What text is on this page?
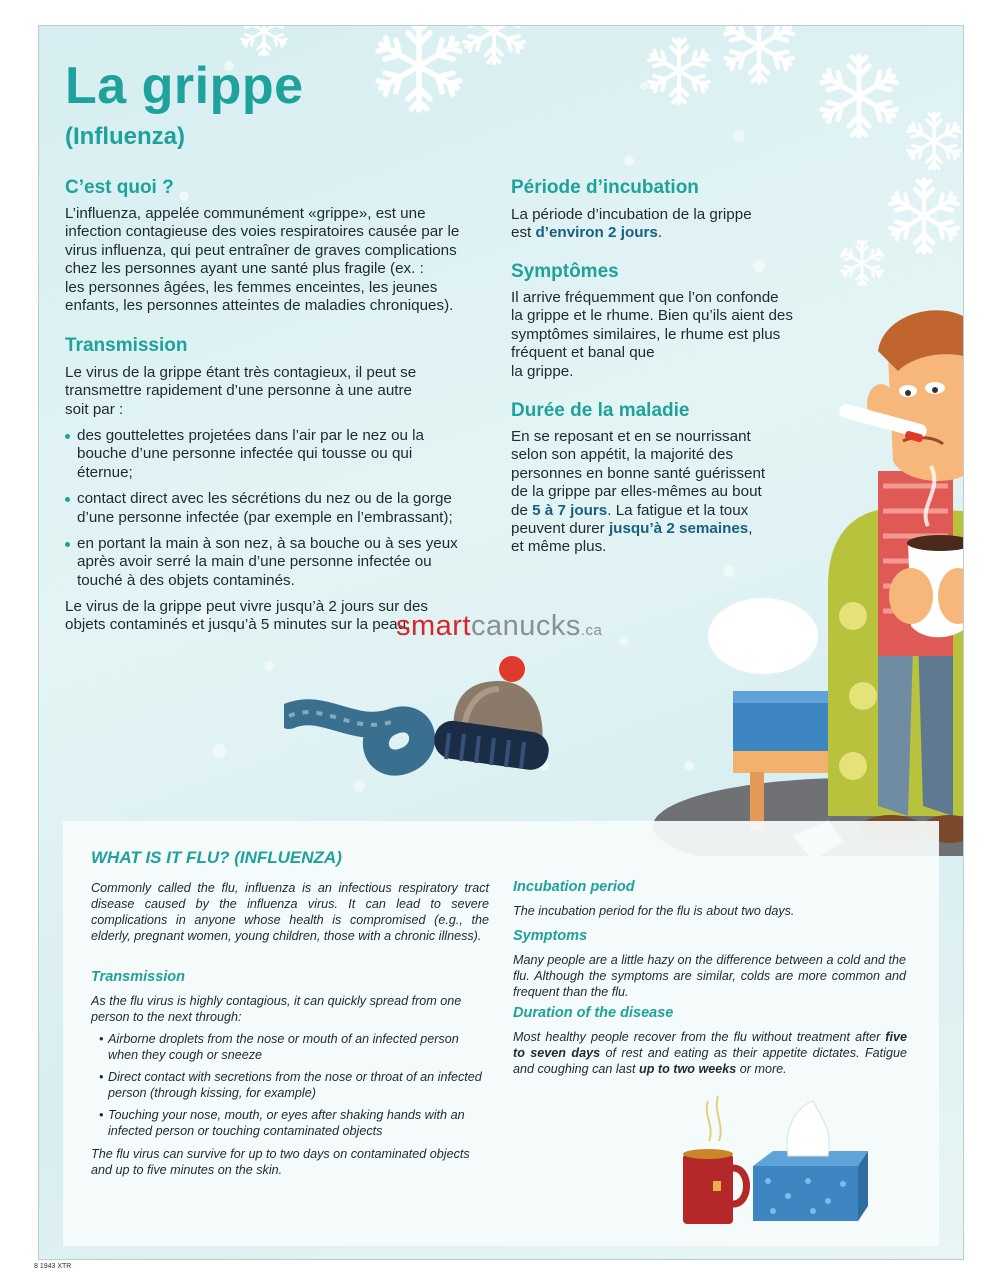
La grippe
(Influenza)
C’est quoi ?

L’influenza, appelée communément «grippe», est une
infection contagieuse des voies respiratoires causée par le
virus influenza, qui peut entraîner de graves complications
chez les personnes ayant une santé plus fragile (ex. :
les personnes âgées, les femmes enceintes, les jeunes
enfants, les personnes atteintes de maladies chroniques).

Transmission

Le virus de la grippe étant très contagieux, il peut se
transmettre rapidement d’une personne à une autre
soit par :

des gouttelettes projetées dans l’air par le nez ou la
bouche d’une personne infectée qui tousse ou qui
éternue;
contact direct avec les sécrétions du nez ou de la gorge
d’une personne infectée (par exemple en l’embrassant);
en portant la main à son nez, à sa bouche ou à ses yeux
après avoir serré la main d’une personne infectée ou
touché à des objets contaminés.

Le virus de la grippe peut vivre jusqu’à 2 jours sur des
objets contaminés et jusqu’à 5 minutes sur la peau.

Période d’incubation

La période d’incubation de la grippe
est d’environ 2 jours.

Symptômes

Il arrive fréquemment que l’on confonde
la grippe et le rhume. Bien qu’ils aient des
symptômes similaires, le rhume est plus
fréquent et banal que
la grippe.

Durée de la maladie

En se reposant et en se nourrissant
selon son appétit, la majorité des
personnes en bonne santé guérissent
de la grippe par elles-mêmes au bout
de 5 à 7 jours. La fatigue et la toux
peuvent durer jusqu’à 2 semaines,
et même plus.

smartcanucks.ca
WHAT IS IT FLU? (INFLUENZA)

Commonly called the flu, influenza is an infectious respiratory tract disease caused by the influenza virus. It can lead to severe complications in anyone whose health is compromised (e.g., the elderly, pregnant women, young children, those with a chronic illness).

Transmission

As the flu virus is highly contagious, it can quickly spread from one person to the next through:

• Airborne droplets from the nose or mouth of an infected person when they cough or sneeze
• Direct contact with secretions from the nose or throat of an infected person (through kissing, for example)
• Touching your nose, mouth, or eyes after shaking hands with an infected person or touching contaminated objects

The flu virus can survive for up to two days on contaminated objects and up to five minutes on the skin.

Incubation period

The incubation period for the flu is about two days.

Symptoms

Many people are a little hazy on the difference between a cold and the flu. Although the symptoms are similar, colds are more common and frequent than the flu.

Duration of the disease

Most healthy people recover from the flu without treatment after five to seven days of rest and eating as their appetite dictates. Fatigue and coughing can last up to two weeks or more.

8 1943 XTR
